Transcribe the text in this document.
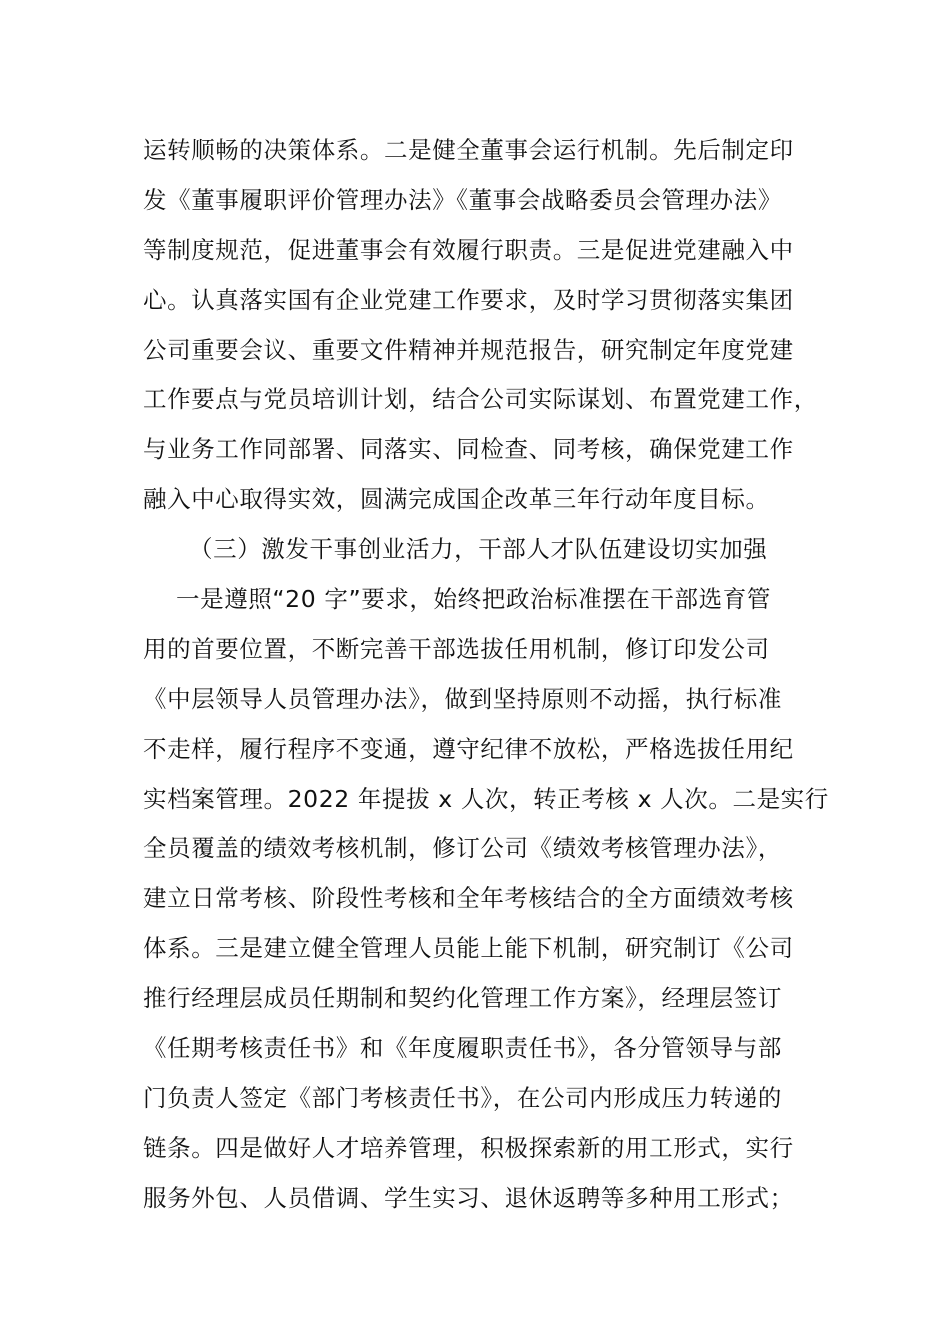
运转顺畅的决策体系。二是健全董事会运行机制。先后制定印
发《董事履职评价管理办法》《董事会战略委员会管理办法》
等制度规范，促进董事会有效履行职责。三是促进党建融入中
心。认真落实国有企业党建工作要求，及时学习贯彻落实集团
公司重要会议、重要文件精神并规范报告，研究制定年度党建
工作要点与党员培训计划，结合公司实际谋划、布置党建工作，
与业务工作同部署、同落实、同检查、同考核，确保党建工作
融入中心取得实效，圆满完成国企改革三年行动年度目标。
（三）激发干事创业活力，干部人才队伍建设切实加强
一是遵照“20 字”要求，始终把政治标准摆在干部选育管
用的首要位置，不断完善干部选拔任用机制，修订印发公司
《中层领导人员管理办法》，做到坚持原则不动摇，执行标准
不走样，履行程序不变通，遵守纪律不放松，严格选拔任用纪
实档案管理。2022 年提拔 x 人次，转正考核 x 人次。二是实行
全员覆盖的绩效考核机制，修订公司《绩效考核管理办法》，
建立日常考核、阶段性考核和全年考核结合的全方面绩效考核
体系。三是建立健全管理人员能上能下机制，研究制订《公司
推行经理层成员任期制和契约化管理工作方案》，经理层签订
《任期考核责任书》和《年度履职责任书》，各分管领导与部
门负责人签定《部门考核责任书》，在公司内形成压力转递的
链条。四是做好人才培养管理，积极探索新的用工形式，实行
服务外包、人员借调、学生实习、退休返聘等多种用工形式；
